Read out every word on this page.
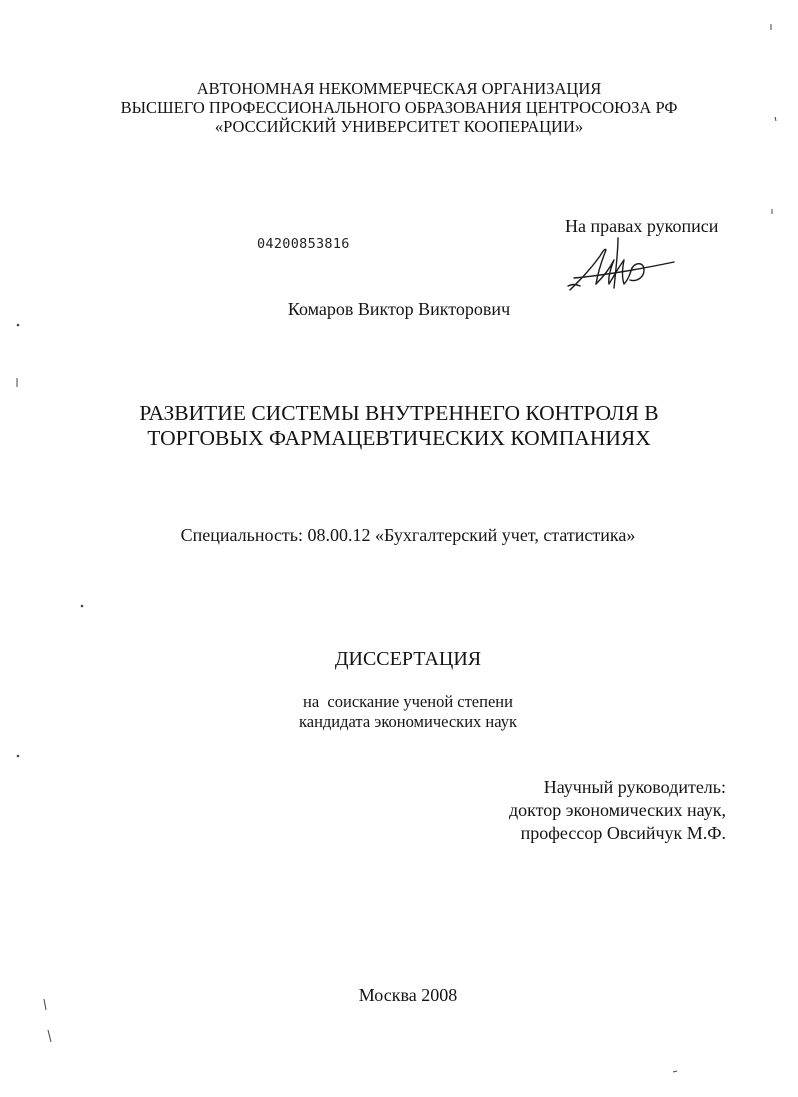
АВТОНОМНАЯ НЕКОММЕРЧЕСКАЯ ОРГАНИЗАЦИЯ
ВЫСШЕГО ПРОФЕССИОНАЛЬНОГО ОБРАЗОВАНИЯ ЦЕНТРОСОЮЗА РФ
«РОССИЙСКИЙ УНИВЕРСИТЕТ КООПЕРАЦИИ»
04200853816
На правах рукописи
Комаров Виктор Викторович
РАЗВИТИЕ СИСТЕМЫ ВНУТРЕННЕГО КОНТРОЛЯ В
ТОРГОВЫХ ФАРМАЦЕВТИЧЕСКИХ КОМПАНИЯХ
Специальность: 08.00.12 «Бухгалтерский учет, статистика»
ДИССЕРТАЦИЯ
на  соискание ученой степени
кандидата экономических наук
Научный руководитель:
доктор экономических наук,
профессор Овсийчук М.Ф.
Москва 2008
